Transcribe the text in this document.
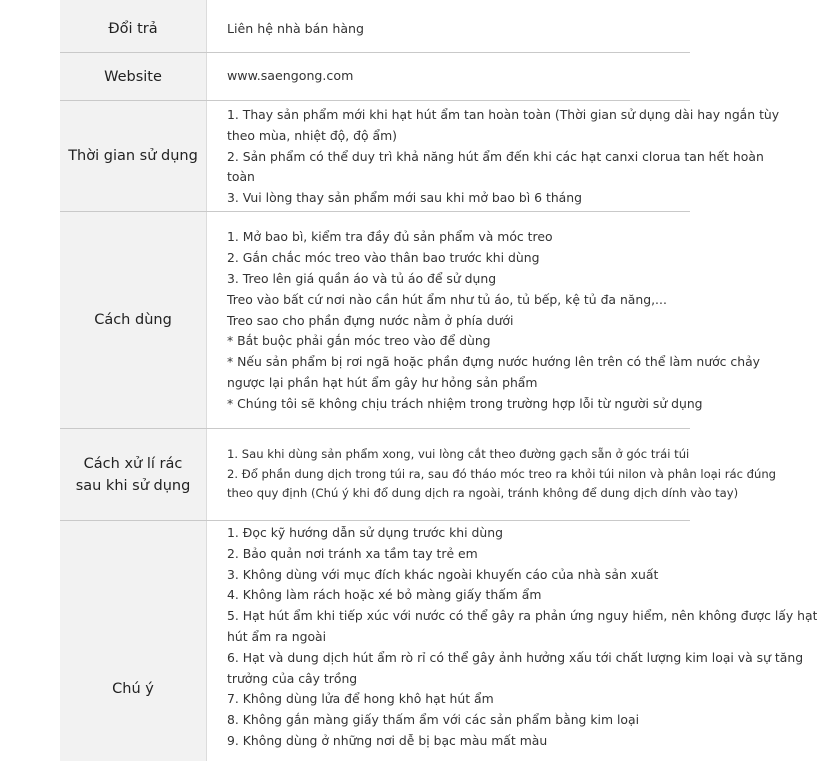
Đổi trả	Liên hệ nhà bán hàng
Website	www.saengong.com
Thời gian sử dụng
1. Thay sản phẩm mới khi hạt hút ẩm tan hoàn toàn (Thời gian sử dụng dài hay ngắn tùy
theo mùa, nhiệt độ, độ ẩm)
2. Sản phẩm có thể duy trì khả năng hút ẩm đến khi các hạt canxi clorua tan hết hoàn
toàn
3. Vui lòng thay sản phẩm mới sau khi mở bao bì 6 tháng
Cách dùng
1. Mở bao bì, kiểm tra đầy đủ sản phẩm và móc treo
2. Gắn chắc móc treo vào thân bao trước khi dùng
3. Treo lên giá quần áo và tủ áo để sử dụng
Treo vào bất cứ nơi nào cần hút ẩm như tủ áo, tủ bếp, kệ tủ đa năng,...
Treo sao cho phần đựng nước nằm ở phía dưới
* Bắt buộc phải gắn móc treo vào để dùng
* Nếu sản phẩm bị rơi ngã hoặc phần đựng nước hướng lên trên có thể làm nước chảy
ngược lại phần hạt hút ẩm gây hư hỏng sản phẩm
* Chúng tôi sẽ không chịu trách nhiệm trong trường hợp lỗi từ người sử dụng
Cách xử lí rác
sau khi sử dụng
1. Sau khi dùng sản phẩm xong, vui lòng cắt theo đường gạch sẵn ở góc trái túi
2. Đổ phần dung dịch trong túi ra, sau đó tháo móc treo ra khỏi túi nilon và phân loại rác đúng
theo quy định (Chú ý khi đổ dung dịch ra ngoài, tránh không để dung dịch dính vào tay)
Chú ý
1. Đọc kỹ hướng dẫn sử dụng trước khi dùng
2. Bảo quản nơi tránh xa tầm tay trẻ em
3. Không dùng với mục đích khác ngoài khuyến cáo của nhà sản xuất
4. Không làm rách hoặc xé bỏ màng giấy thấm ẩm
5. Hạt hút ẩm khi tiếp xúc với nước có thể gây ra phản ứng nguy hiểm, nên không được lấy hạt
hút ẩm ra ngoài
6. Hạt và dung dịch hút ẩm rò rỉ có thể gây ảnh hưởng xấu tới chất lượng kim loại và sự tăng
trưởng của cây trồng
7. Không dùng lửa để hong khô hạt hút ẩm
8. Không gắn màng giấy thấm ẩm với các sản phẩm bằng kim loại
9. Không dùng ở những nơi dễ bị bạc màu mất màu
